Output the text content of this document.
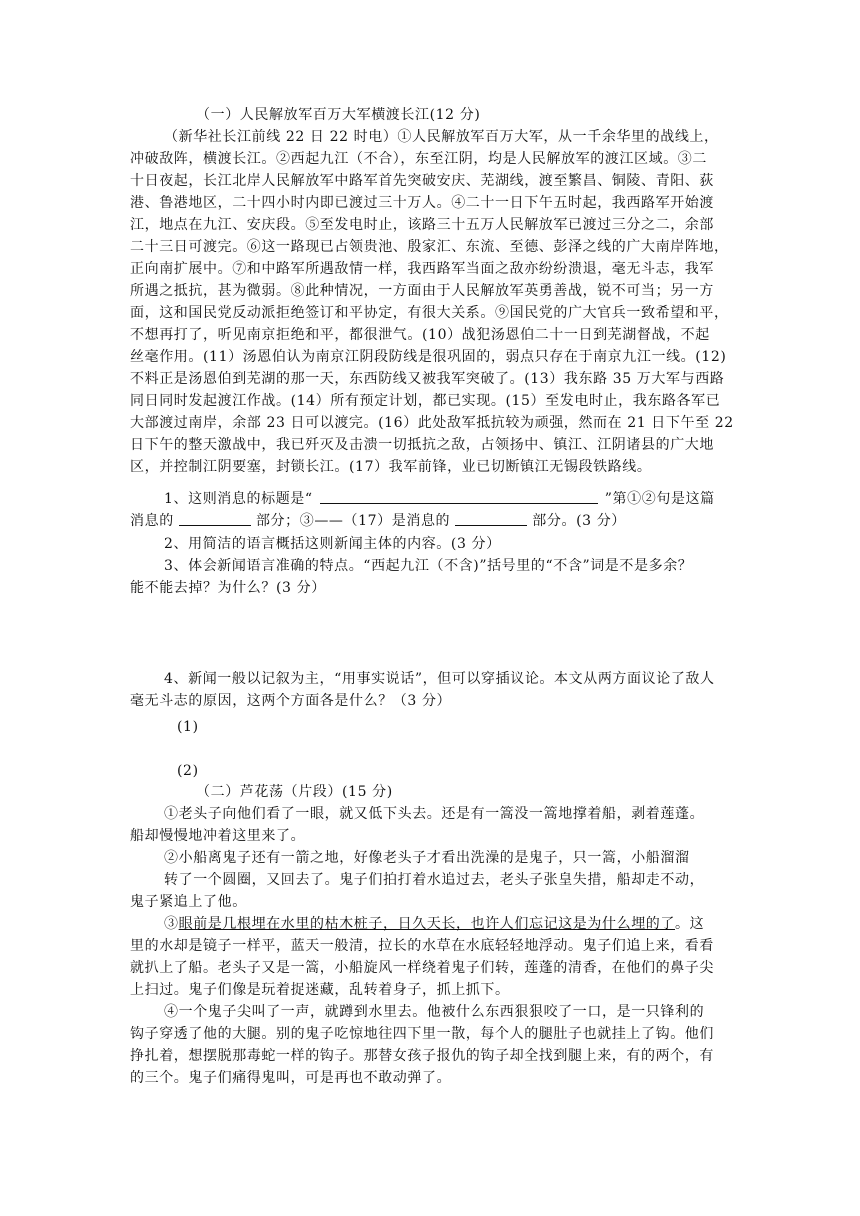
（一）人民解放军百万大军横渡长江(12 分)
（新华社长江前线 22 日 22 时电）①人民解放军百万大军，从一千余华里的战线上，
冲破敌阵，横渡长江。②西起九江（不合），东至江阴，均是人民解放军的渡江区域。③二
十日夜起，长江北岸人民解放军中路军首先突破安庆、芜湖线，渡至繁昌、铜陵、青阳、荻
港、鲁港地区，二十四小时内即已渡过三十万人。④二十一日下午五时起，我西路军开始渡
江，地点在九江、安庆段。⑤至发电时止，该路三十五万人民解放军已渡过三分之二，余部
二十三日可渡完。⑥这一路现已占领贵池、殷家汇、东流、至德、彭泽之线的广大南岸阵地，
正向南扩展中。⑦和中路军所遇敌情一样，我西路军当面之敌亦纷纷溃退，毫无斗志，我军
所遇之抵抗，甚为微弱。⑧此种情况，一方面由于人民解放军英勇善战，锐不可当；另一方
面，这和国民党反动派拒绝签订和平协定，有很大关系。⑨国民党的广大官兵一致希望和平，
不想再打了，听见南京拒绝和平，都很泄气。(10）战犯汤恩伯二十一日到芜湖督战，不起
丝毫作用。(11）汤恩伯认为南京江阴段防线是很巩固的，弱点只存在于南京九江一线。(12)
不料正是汤恩伯到芜湖的那一天，东西防线又被我军突破了。(13）我东路 35 万大军与西路
同日同时发起渡江作战。(14）所有预定计划，都已实现。(15）至发电时止，我东路各军已
大部渡过南岸，余部 23 日可以渡完。(16）此处敌军抵抗较为顽强，然而在 21 日下午至 22
日下午的整天激战中，我已歼灭及击溃一切抵抗之敌，占领扬中、镇江、江阴诸县的广大地
区，并控制江阴要塞，封锁长江。(17）我军前锋，业已切断镇江无锡段铁路线。
1、这则消息的标题是“	”第①②句是这篇
消息的	部分；③——（17）是消息的	部分。(3 分）
2、用简洁的语言概括这则新闻主体的内容。(3 分）
3、体会新闻语言准确的特点。“西起九江（不含)”括号里的“不含”词是不是多余？
能不能去掉？为什么？(3 分）
4、新闻一般以记叙为主，“用事实说话”，但可以穿插议论。本文从两方面议论了敌人
毫无斗志的原因，这两个方面各是什么？（3 分）
(1)
(2)
（二）芦花荡（片段）(15 分)
①老头子向他们看了一眼，就又低下头去。还是有一篙没一篙地撑着船，剥着莲蓬。
船却慢慢地冲着这里来了。
②小船离鬼子还有一箭之地，好像老头子才看出洗澡的是鬼子，只一篙，小船溜溜
转了一个圆圈，又回去了。鬼子们拍打着水追过去，老头子张皇失措，船却走不动，
鬼子紧追上了他。
③眼前是几根埋在水里的枯木桩子，日久天长，也许人们忘记这是为什么埋的了。这
里的水却是镜子一样平，蓝天一般清，拉长的水草在水底轻轻地浮动。鬼子们追上来，看看
就扒上了船。老头子又是一篙，小船旋风一样绕着鬼子们转，莲蓬的清香，在他们的鼻子尖
上扫过。鬼子们像是玩着捉迷藏，乱转着身子，抓上抓下。
④一个鬼子尖叫了一声，就蹲到水里去。他被什么东西狠狠咬了一口，是一只锋利的
钩子穿透了他的大腿。别的鬼子吃惊地往四下里一散，每个人的腿肚子也就挂上了钩。他们
挣扎着，想摆脱那毒蛇一样的钩子。那替女孩子报仇的钩子却全找到腿上来，有的两个，有
的三个。鬼子们痛得鬼叫，可是再也不敢动弹了。
